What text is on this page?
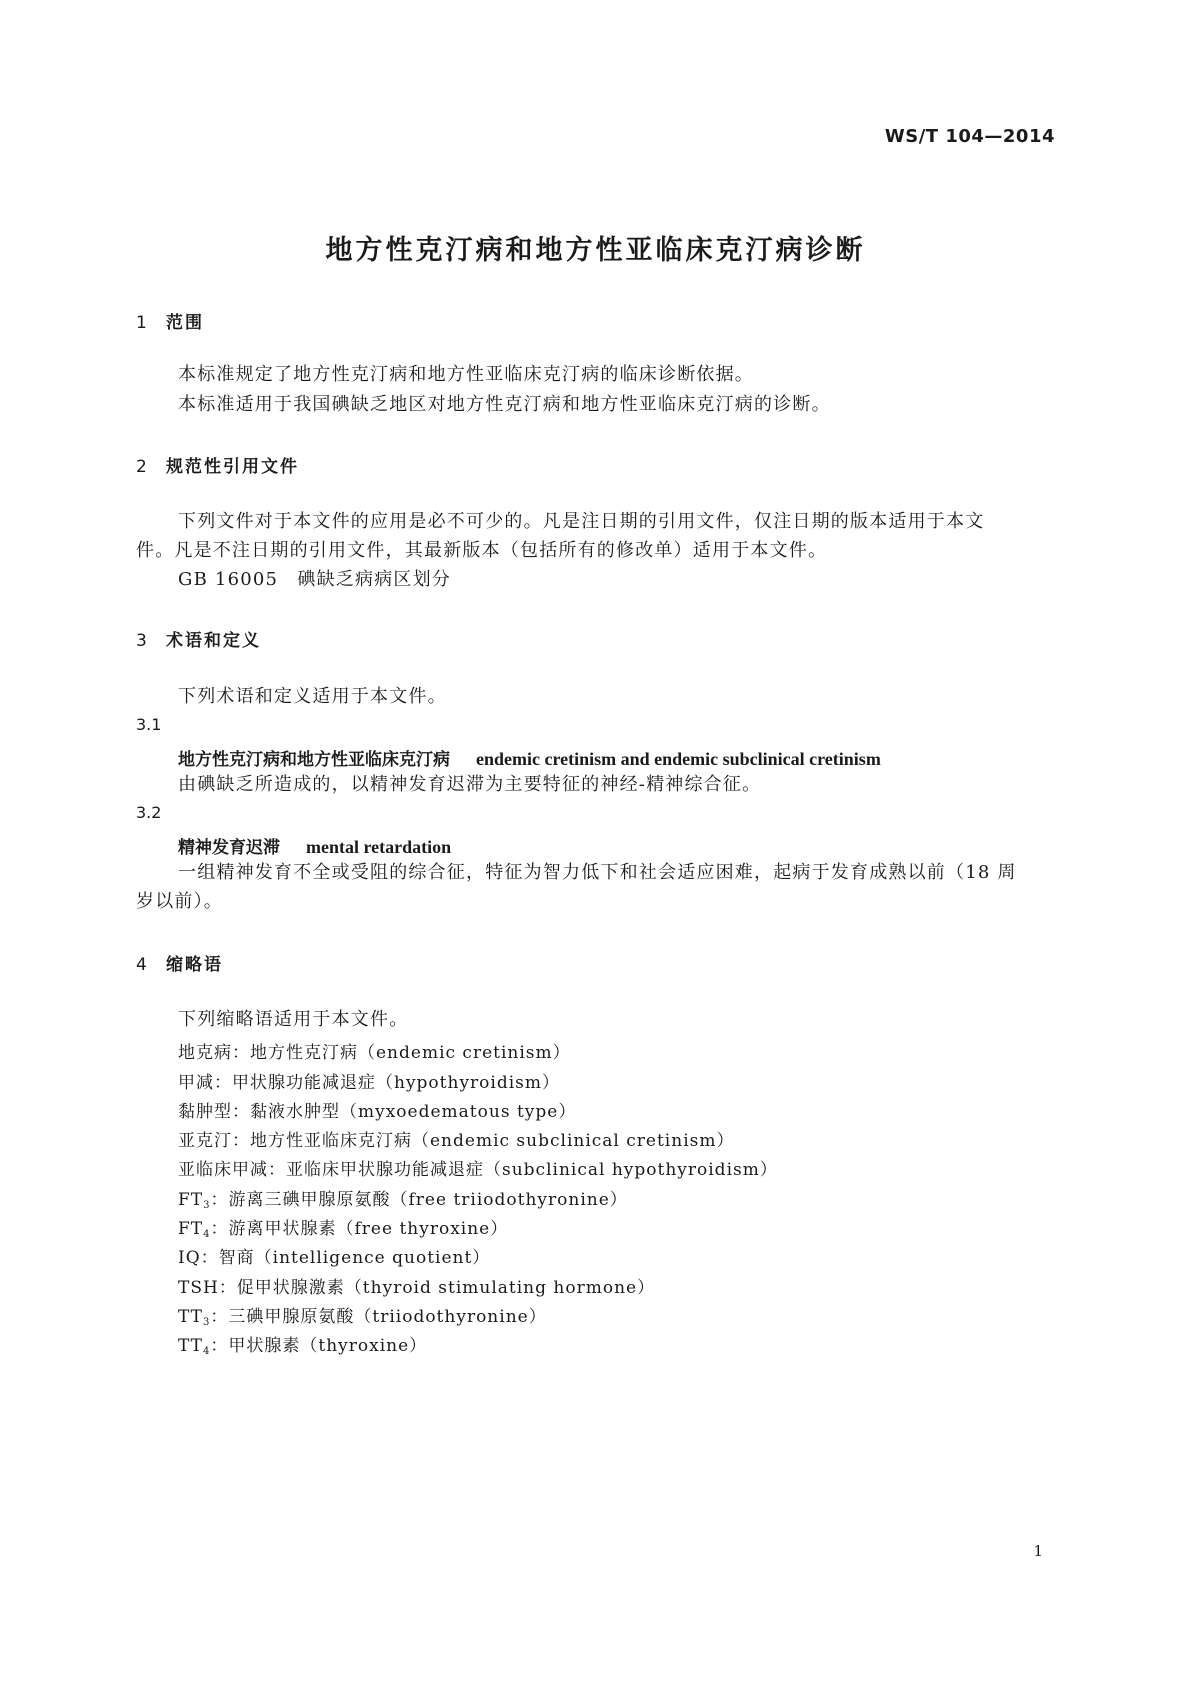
WS/T 104—2014
地方性克汀病和地方性亚临床克汀病诊断
1 范围
本标准规定了地方性克汀病和地方性亚临床克汀病的临床诊断依据。
本标准适用于我国碘缺乏地区对地方性克汀病和地方性亚临床克汀病的诊断。
2 规范性引用文件
下列文件对于本文件的应用是必不可少的。凡是注日期的引用文件，仅注日期的版本适用于本文
件。凡是不注日期的引用文件，其最新版本（包括所有的修改单）适用于本文件。
GB 16005　碘缺乏病病区划分
3 术语和定义
下列术语和定义适用于本文件。
3.1
地方性克汀病和地方性亚临床克汀病 endemic cretinism and endemic subclinical cretinism
由碘缺乏所造成的，以精神发育迟滞为主要特征的神经-精神综合征。
3.2
精神发育迟滞 mental retardation
一组精神发育不全或受阻的综合征，特征为智力低下和社会适应困难，起病于发育成熟以前（18 周
岁以前）。
4 缩略语
下列缩略语适用于本文件。
地克病：地方性克汀病（endemic cretinism）
甲减：甲状腺功能减退症（hypothyroidism）
黏肿型：黏液水肿型（myxoedematous type）
亚克汀：地方性亚临床克汀病（endemic subclinical cretinism）
亚临床甲减：亚临床甲状腺功能减退症（subclinical hypothyroidism）
$FT_3$：游离三碘甲腺原氨酸（free triiodothyronine）
$FT_4$：游离甲状腺素（free thyroxine）
IQ：智商（intelligence quotient）
TSH：促甲状腺激素（thyroid stimulating hormone）
$TT_3$：三碘甲腺原氨酸（triiodothyronine）
$TT_4$：甲状腺素（thyroxine）
1
